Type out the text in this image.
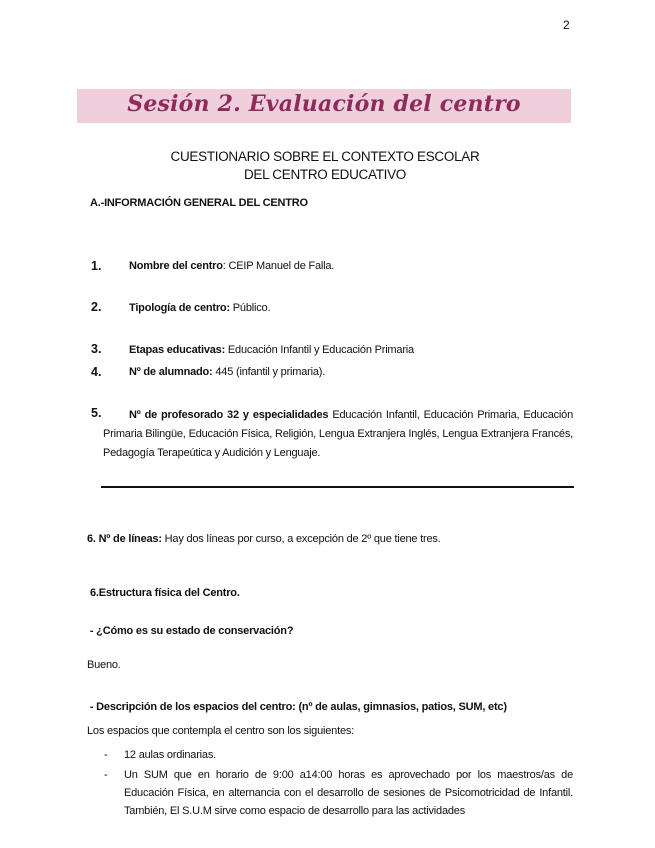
2
Sesión 2. Evaluación del centro
CUESTIONARIO SOBRE EL CONTEXTO ESCOLAR
DEL CENTRO EDUCATIVO
A.-INFORMACIÓN GENERAL DEL CENTRO
1.	Nombre del centro: CEIP Manuel de Falla.
2.	Tipología de centro: Público.
3.	Etapas educativas: Educación Infantil y Educación Primaria
4.	Nº de alumnado: 445 (infantil y primaria).
5.	Nº de profesorado 32 y especialidades Educación Infantil, Educación Primaria, Educación Primaria Bilingüe, Educación Física, Religión, Lengua Extranjera Inglés, Lengua Extranjera Francés, Pedagogía Terapeútica y Audición y Lenguaje.
6. Nº de líneas: Hay dos líneas por curso, a excepción de 2º que tiene tres.
6.Estructura física del Centro.
- ¿Cómo es su estado de conservación?
Bueno.
- Descripción de los espacios del centro: (nº de aulas, gimnasios, patios, SUM, etc)
Los espacios que contempla el centro son los siguientes:
- 12 aulas ordinarias.
- Un SUM que en horario de 9:00 a14:00 horas es aprovechado por los maestros/as de Educación Física, en alternancia con el desarrollo de sesiones de Psicomotricidad de Infantil. También, El S.U.M sirve como espacio de desarrollo para las actividades
